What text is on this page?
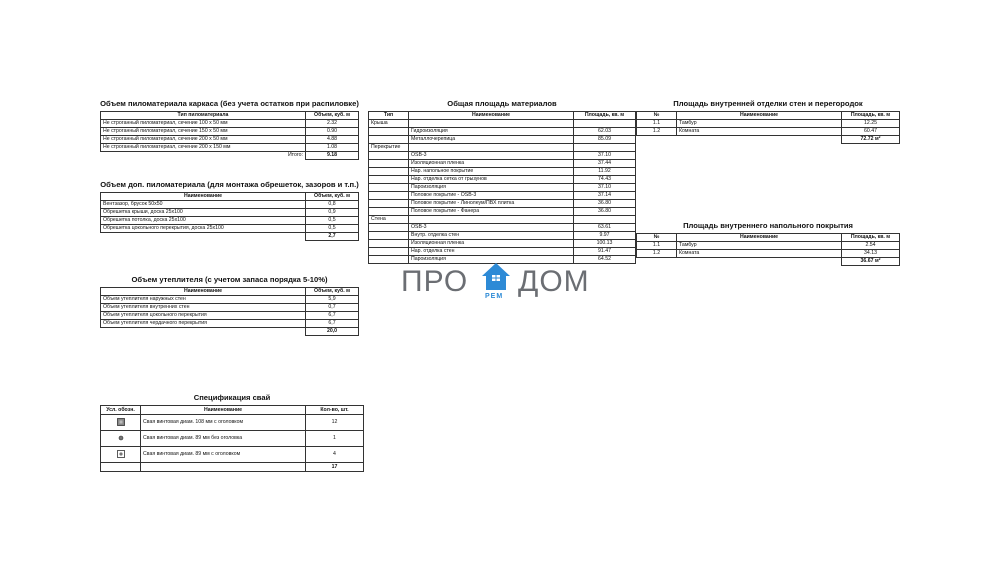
Объем пиломатериала каркаса (без учета остатков при распиловке)
Тип пиломатериала	Объем, куб. м
Не строганный пиломатериал, сечение 100 x 50 мм	2.32
Не строганный пиломатериал, сечение 150 x 50 мм	0.90
Не строганный пиломатериал, сечение 200 x 50 мм	4.88
Не строганный пиломатериал, сечение 200 x 150 мм	1.08
Итого:	9.18
Объем доп. пиломатериала (для монтажа обрешеток, зазоров и т.п.)
Наименование	Объем, куб. м
Вентзазор, брусок 50х50	0,8
Обрешетка крыши, доска 25х100	0,9
Обрешетка потолка, доска 25х100	0,5
Обрешетка цокольного перекрытия, доска 25х100	0,5
	2,7
Объем утеплителя (с учетом запаса порядка 5-10%)
Наименование	Объем, куб. м
Объем утеплителя наружных стен	5,9
Объем утеплителя внутренних стен	0,7
Объем утеплителя цокольного перекрытия	6,7
Объем утеплителя чердачного перекрытия	6,7
	20,0
Спецификация свай
Усл. обозн.	Наименование	Кол-во, шт.
	Свая винтовая диам. 108 мм с оголовком	12
	Свая винтовая диам. 89 мм без оголовка	1
	Свая винтовая диам. 89 мм с оголовком	4
		17
Общая площадь материалов
Тип	Наименование	Площадь, кв. м
Крыша		
	Гидроизоляция	62.03
	Металлочерепица	85.09
Перекрытие		
	OSB-3	37.10
	Изоляционная пленка	37.44
	Нар. напольное покрытие	11.92
	Нар. отделка сетка от грызунов	74.43
	Пароизоляция	37.10
	Половое покрытие - OSB-3	37.14
	Половое покрытие - Линолеум/ПВХ плитка	36.80
	Половое покрытие - Фанера	36.80
Стена		
	OSB-3	63.61
	Внутр. отделка стен	9.97
	Изоляционная пленка	100.13
	Нар. отделка стен	91.47
	Пароизоляция	64.52
Площадь внутренней отделки стен и перегородок
№	Наименование	Площадь, кв. м
1.1	Тамбур	12.25
1.2	Комната	60.47
		72.72 м²
Площадь внутреннего напольного покрытия
№	Наименование	Площадь, кв. м
1.1	Тамбур	2.54
1.2	Комната	34.13
		36.67 м²
ПРО РЕМ ДОМ
